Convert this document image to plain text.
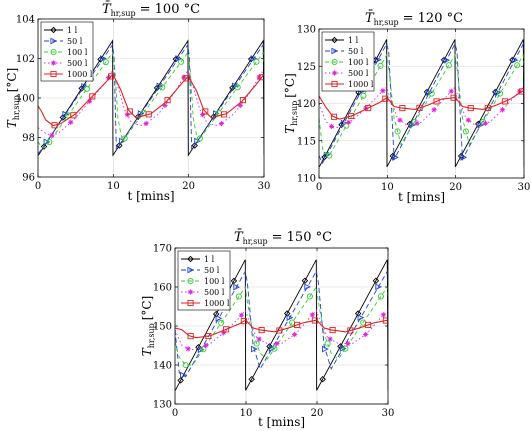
0	10	20	30
96
98
100
102
104
$T̄_{hr,sup} = 100$ °C
t [mins]
$T_{hr,sup}[^\circ C]$
1 l
50 l
100 l
500 l
1000 l
0	10	20	30
110
115
120
125
130
$T̄_{hr,sup} = 120$ °C
t [mins]
$T_{hr,sup}[^\circ C]$
1 l
50 l
100 l
500 l
1000 l
0	10	20	30
130
140
150
160
170
$T̄_{hr,sup} = 150$ °C
t [mins]
$T_{hr,sup}[^\circ C]$
1 l
50 l
100 l
500 l
1000 l
